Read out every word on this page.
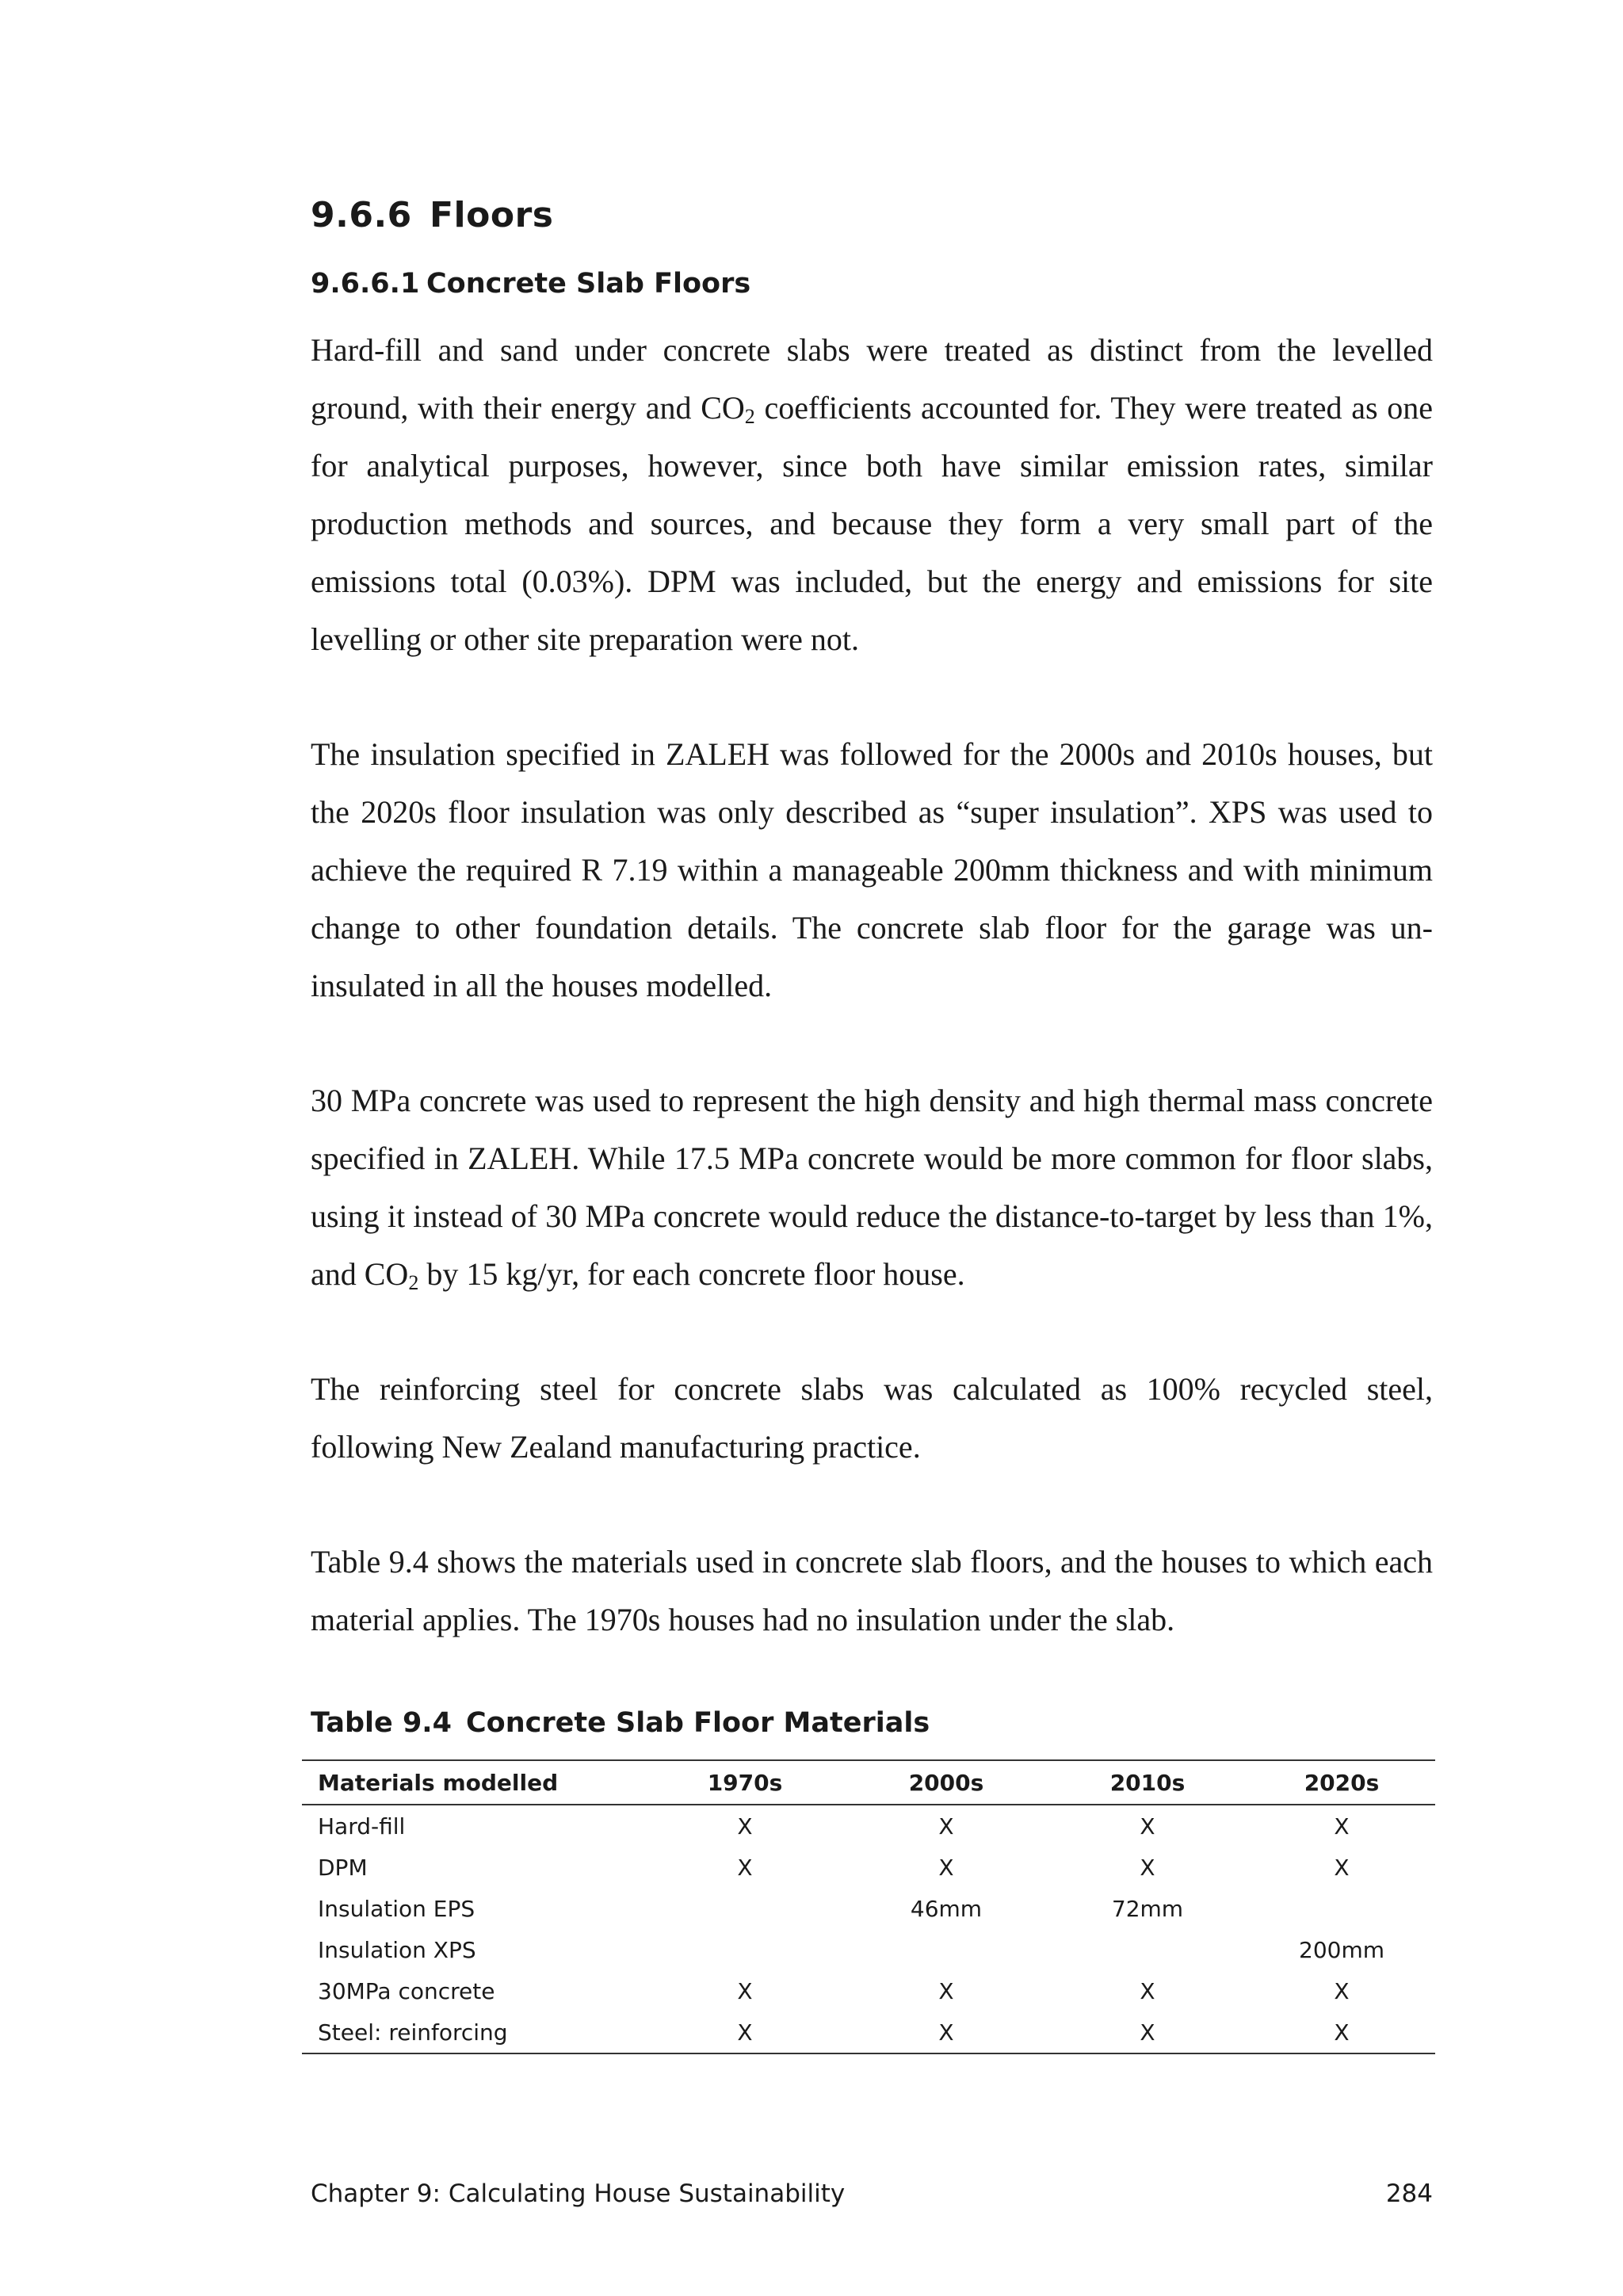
9.6.6 Floors
9.6.6.1 Concrete Slab Floors

Hard-fill and sand under concrete slabs were treated as distinct from the levelled ground, with their energy and $CO_2$ coefficients accounted for. They were treated as one for analytical purposes, however, since both have similar emission rates, similar production methods and sources, and because they form a very small part of the emissions total (0.03%). DPM was included, but the energy and emissions for site levelling or other site preparation were not.

The insulation specified in ZALEH was followed for the 2000s and 2010s houses, but the 2020s floor insulation was only described as “super insulation”. XPS was used to achieve the required R 7.19 within a manageable 200mm thickness and with minimum change to other foundation details. The concrete slab floor for the garage was un-insulated in all the houses modelled.

30 MPa concrete was used to represent the high density and high thermal mass concrete specified in ZALEH. While 17.5 MPa concrete would be more common for floor slabs, using it instead of 30 MPa concrete would reduce the distance-to-target by less than 1%, and $CO_2$ by 15 kg/yr, for each concrete floor house.

The reinforcing steel for concrete slabs was calculated as 100% recycled steel, following New Zealand manufacturing practice.

Table 9.4 shows the materials used in concrete slab floors, and the houses to which each material applies. The 1970s houses had no insulation under the slab.

Table 9.4 Concrete Slab Floor Materials
Materials modelled	1970s	2000s	2010s	2020s
Hard-fill	X	X	X	X
DPM	X	X	X	X
Insulation EPS		46mm	72mm	
Insulation XPS				200mm
30MPa concrete	X	X	X	X
Steel: reinforcing	X	X	X	X
Chapter 9: Calculating House Sustainability	284
